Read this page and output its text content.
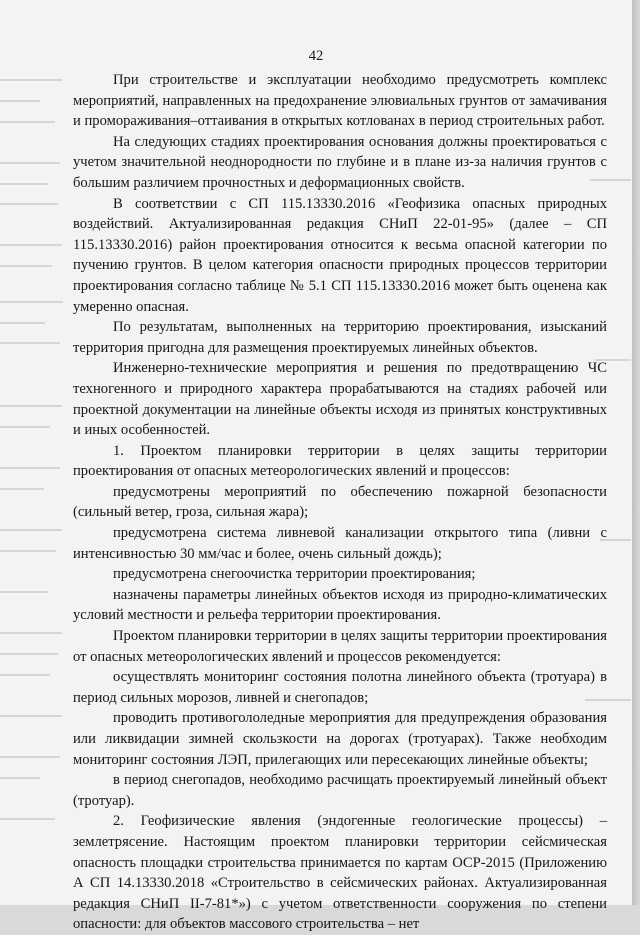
42

При строительстве и эксплуатации необходимо предусмотреть комплекс мероприятий, направленных на предохранение элювиальных грунтов от замачивания и промораживания–оттаивания в открытых котлованах в период строительных работ.

На следующих стадиях проектирования основания должны проектироваться с учетом значительной неоднородности по глубине и в плане из-за наличия грунтов с большим различием прочностных и деформационных свойств.

В соответствии с СП 115.13330.2016 «Геофизика опасных природных воздействий. Актуализированная редакция СНиП 22-01-95» (далее – СП 115.13330.2016) район проектирования относится к весьма опасной категории по пучению грунтов. В целом категория опасности природных процессов территории проектирования согласно таблице № 5.1 СП 115.13330.2016 может быть оценена как умеренно опасная.

По результатам, выполненных на территорию проектирования, изысканий территория пригодна для размещения проектируемых линейных объектов.

Инженерно-технические мероприятия и решения по предотвращению ЧС техногенного и природного характера прорабатываются на стадиях рабочей или проектной документации на линейные объекты исходя из принятых конструктивных и иных особенностей.

1. Проектом планировки территории в целях защиты территории проектирования от опасных метеорологических явлений и процессов:

предусмотрены мероприятий по обеспечению пожарной безопасности (сильный ветер, гроза, сильная жара);

предусмотрена система ливневой канализации открытого типа (ливни с интенсивностью 30 мм/час и более, очень сильный дождь);

предусмотрена снегоочистка территории проектирования;

назначены параметры линейных объектов исходя из природно-климатических условий местности и рельефа территории проектирования.

Проектом планировки территории в целях защиты территории проектирования от опасных метеорологических явлений и процессов рекомендуется:

осуществлять мониторинг состояния полотна линейного объекта (тротуара) в период сильных морозов, ливней и снегопадов;

проводить противогололедные мероприятия для предупреждения образования или ликвидации зимней скользкости на дорогах (тротуарах). Также необходим мониторинг состояния ЛЭП, прилегающих или пересекающих линейные объекты;

в период снегопадов, необходимо расчищать проектируемый линейный объект (тротуар).

2. Геофизические явления (эндогенные геологические процессы) – землетрясение. Настоящим проектом планировки территории сейсмическая опасность площадки строительства принимается по картам ОСР-2015 (Приложению А СП 14.13330.2018 «Строительство в сейсмических районах. Актуализированная редакция СНиП II-7-81*») с учетом ответственности сооружения по степени опасности: для объектов массового строительства – нет
